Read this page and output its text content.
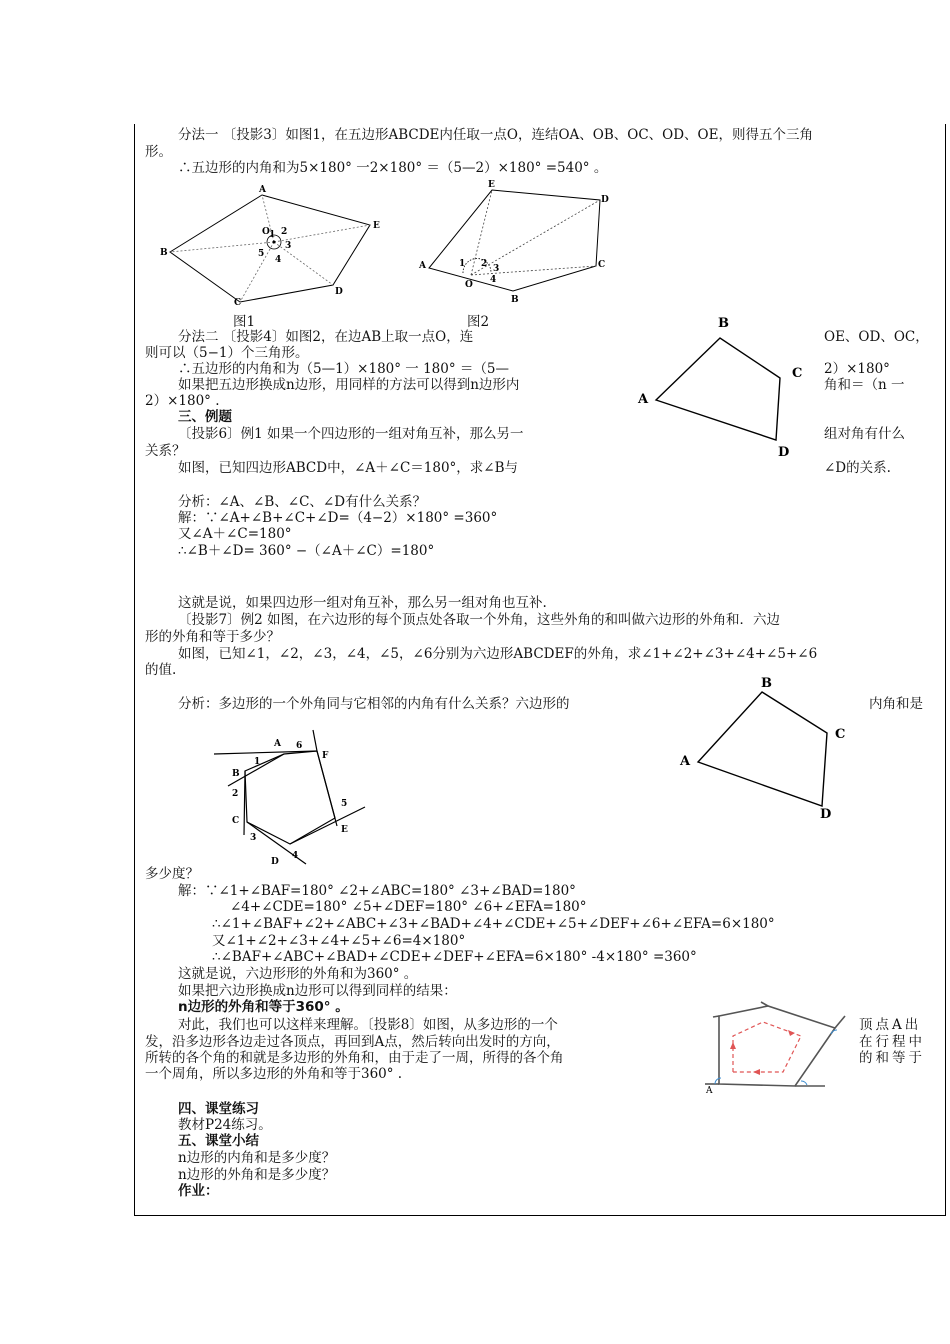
分法一 〔投影3〕如图1，在五边形ABCDE内任取一点O，连结OA、OB、OC、OD、OE，则得五个三角
形。
∴五边形的内角和为5×180° 一2×180° ＝（5—2）×180° =540° 。
A
E
D
C
B
O 1 2
3
4
5
图1
E
D
C
B
A
O
1 2 3
4
图2	B
C
D
A
分法二 〔投影4〕如图2，在边AB上取一点O，连	OE、OD、OC，
则可以（5−1）个三角形。
∴五边形的内角和为（5—1）×180° 一 180° ＝（5—	2）×180°
如果把五边形换成n边形，用同样的方法可以得到n边形内	角和＝（n 一
2）×180° .
三、例题
〔投影6〕例1 如果一个四边形的一组对角互补，那么另一	组对角有什么
关系？
如图，已知四边形ABCD中，∠A＋∠C＝180°，求∠B与	∠D的关系.
分析：∠A、∠B、∠C、∠D有什么关系？
解：∵∠A+∠B+∠C+∠D=（4−2）×180° =360°
又∠A＋∠C=180°
∴∠B＋∠D= 360° −（∠A＋∠C）=180°
这就是说，如果四边形一组对角互补，那么另一组对角也互补.
〔投影7〕例2 如图，在六边形的每个顶点处各取一个外角，这些外角的和叫做六边形的外角和．六边
形的外角和等于多少？
如图，已知∠1，∠2，∠3，∠4，∠5，∠6分别为六边形ABCDEF的外角，求∠1+∠2+∠3+∠4+∠5+∠6
的值.
分析：多边形的一个外角同与它相邻的内角有什么关系？六边形的	内角和是
B
C
D
A
A
F
B
C
D
E
1
2
3
4
5
6
多少度？
解：∵∠1+∠BAF=180° ∠2+∠ABC=180° ∠3+∠BAD=180°
∠4+∠CDE=180° ∠5+∠DEF=180° ∠6+∠EFA=180°
∴∠1+∠BAF+∠2+∠ABC+∠3+∠BAD+∠4+∠CDE+∠5+∠DEF+∠6+∠EFA=6×180°
又∠1+∠2+∠3+∠4+∠5+∠6=4×180°
∴∠BAF+∠ABC+∠BAD+∠CDE+∠DEF+∠EFA=6×180° -4×180° =360°
这就是说，六边形形的外角和为360° 。
如果把六边形换成n边形可以得到同样的结果：
n边形的外角和等于360° 。
对此，我们也可以这样来理解。〔投影8〕如图，从多边形的一个	顶点A出
发，沿多边形各边走过各顶点，再回到A点，然后转向出发时的方向，	在行程中
所转的各个角的和就是多边形的外角和，由于走了一周，所得的各个角	的和等于
一个周角，所以多边形的外角和等于360° .
A
四、课堂练习
教材P24练习。
五、课堂小结
n边形的内角和是多少度？
n边形的外角和是多少度？
作业：
